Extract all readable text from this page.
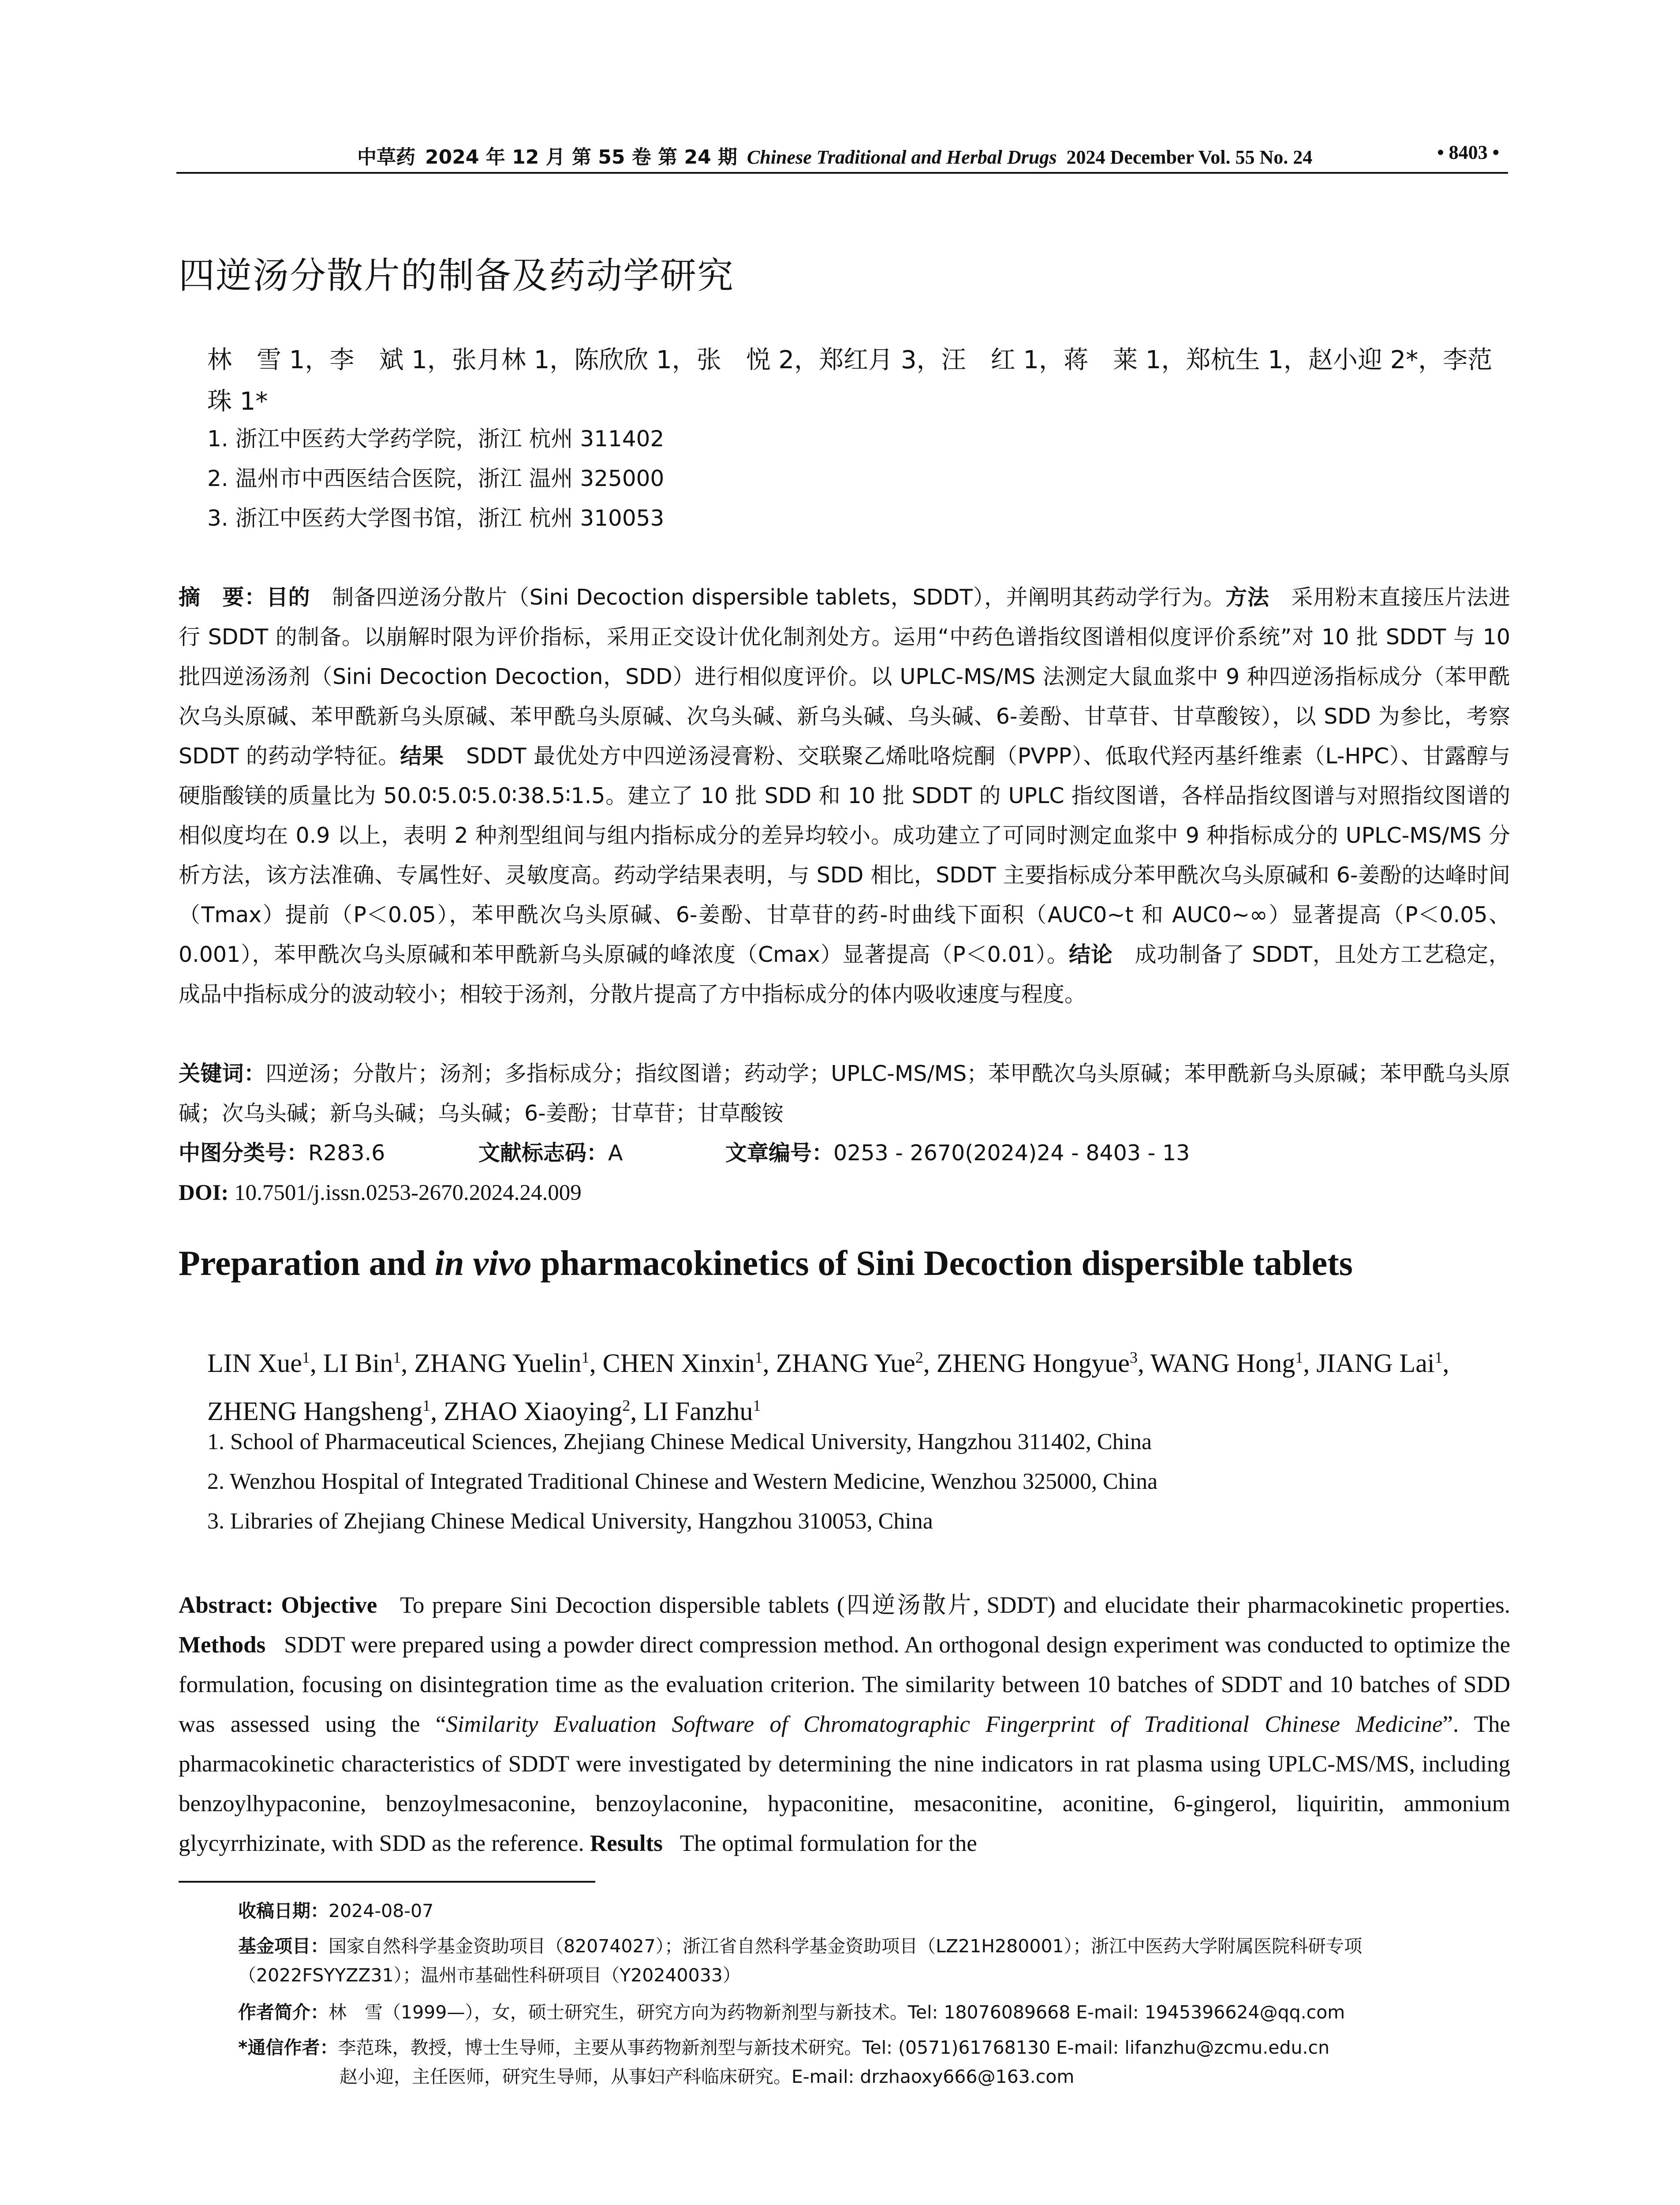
中草药 2024 年 12 月 第 55 卷 第 24 期 Chinese Traditional and Herbal Drugs 2024 December Vol. 55 No. 24	• 8403 •
四逆汤分散片的制备及药动学研究
林　雪 1，李　斌 1，张月林 1，陈欣欣 1，张　悦 2，郑红月 3，汪　红 1，蒋　莱 1，郑杭生 1，赵小迎 2*，李范珠 1*
1. 浙江中医药大学药学院，浙江 杭州 311402
2. 温州市中西医结合医院，浙江 温州 325000
3. 浙江中医药大学图书馆，浙江 杭州 310053
摘　要：目的　 制备四逆汤分散片（Sini Decoction dispersible tablets，SDDT），并阐明其药动学行为。方法　 采用粉末直接压片法进行 SDDT 的制备。以崩解时限为评价指标，采用正交设计优化制剂处方。运用“中药色谱指纹图谱相似度评价系统”对 10 批 SDDT 与 10 批四逆汤汤剂（Sini Decoction Decoction，SDD）进行相似度评价。以 UPLC-MS/MS 法测定大鼠血浆中 9 种四逆汤指标成分（苯甲酰次乌头原碱、苯甲酰新乌头原碱、苯甲酰乌头原碱、次乌头碱、新乌头碱、乌头碱、6-姜酚、甘草苷、甘草酸铵），以 SDD 为参比，考察 SDDT 的药动学特征。结果　 SDDT 最优处方中四逆汤浸膏粉、交联聚乙烯吡咯烷酮（PVPP）、低取代羟丙基纤维素（L-HPC）、甘露醇与硬脂酸镁的质量比为 50.0∶5.0∶5.0∶38.5∶1.5。建立了 10 批 SDD 和 10 批 SDDT 的 UPLC 指纹图谱，各样品指纹图谱与对照指纹图谱的相似度均在 0.9 以上，表明 2 种剂型组间与组内指标成分的差异均较小。成功建立了可同时测定血浆中 9 种指标成分的 UPLC-MS/MS 分析方法，该方法准确、专属性好、灵敏度高。药动学结果表明，与 SDD 相比，SDDT 主要指标成分苯甲酰次乌头原碱和 6-姜酚的达峰时间（Tmax）提前（P＜0.05），苯甲酰次乌头原碱、6-姜酚、甘草苷的药-时曲线下面积（AUC0~t 和 AUC0~∞）显著提高（P＜0.05、0.001），苯甲酰次乌头原碱和苯甲酰新乌头原碱的峰浓度（Cmax）显著提高（P＜0.01）。结论　 成功制备了 SDDT，且处方工艺稳定，成品中指标成分的波动较小；相较于汤剂，分散片提高了方中指标成分的体内吸收速度与程度。
关键词：四逆汤；分散片；汤剂；多指标成分；指纹图谱；药动学；UPLC-MS/MS；苯甲酰次乌头原碱；苯甲酰新乌头原碱；苯甲酰乌头原碱；次乌头碱；新乌头碱；乌头碱；6-姜酚；甘草苷；甘草酸铵
中图分类号：R283.6	文献标志码：A	文章编号：0253 - 2670(2024)24 - 8403 - 13
DOI: 10.7501/j.issn.0253-2670.2024.24.009
Preparation and in vivo pharmacokinetics of Sini Decoction dispersible tablets
LIN Xue$^1$, LI Bin$^1$, ZHANG Yuelin$^1$, CHEN Xinxin$^1$, ZHANG Yue$^2$, ZHENG Hongyue$^3$, WANG Hong$^1$, JIANG Lai$^1$, ZHENG Hangsheng$^1$, ZHAO Xiaoying$^2$, LI Fanzhu$^1$
1. School of Pharmaceutical Sciences, Zhejiang Chinese Medical University, Hangzhou 311402, China
2. Wenzhou Hospital of Integrated Traditional Chinese and Western Medicine, Wenzhou 325000, China
3. Libraries of Zhejiang Chinese Medical University, Hangzhou 310053, China
Abstract: Objective To prepare Sini Decoction dispersible tablets (四逆汤散片, SDDT) and elucidate their pharmacokinetic properties. Methods SDDT were prepared using a powder direct compression method. An orthogonal design experiment was conducted to optimize the formulation, focusing on disintegration time as the evaluation criterion. The similarity between 10 batches of SDDT and 10 batches of SDD was assessed using the “Similarity Evaluation Software of Chromatographic Fingerprint of Traditional Chinese Medicine”. The pharmacokinetic characteristics of SDDT were investigated by determining the nine indicators in rat plasma using UPLC-MS/MS, including benzoylhypaconine, benzoylmesaconine, benzoylaconine, hypaconitine, mesaconitine, aconitine, 6-gingerol, liquiritin, ammonium glycyrrhizinate, with SDD as the reference. Results The optimal formulation for the
收稿日期：2024-08-07
基金项目：国家自然科学基金资助项目（82074027）；浙江省自然科学基金资助项目（LZ21H280001）；浙江中医药大学附属医院科研专项（2022FSYYZZ31）；温州市基础性科研项目（Y20240033）
作者简介：林　雪（1999—），女，硕士研究生，研究方向为药物新剂型与新技术。Tel: 18076089668 E-mail: 1945396624@qq.com
*通信作者：李范珠，教授，博士生导师，主要从事药物新剂型与新技术研究。Tel: (0571)61768130 E-mail: lifanzhu@zcmu.edu.cn
赵小迎，主任医师，研究生导师，从事妇产科临床研究。E-mail: drzhaoxy666@163.com
